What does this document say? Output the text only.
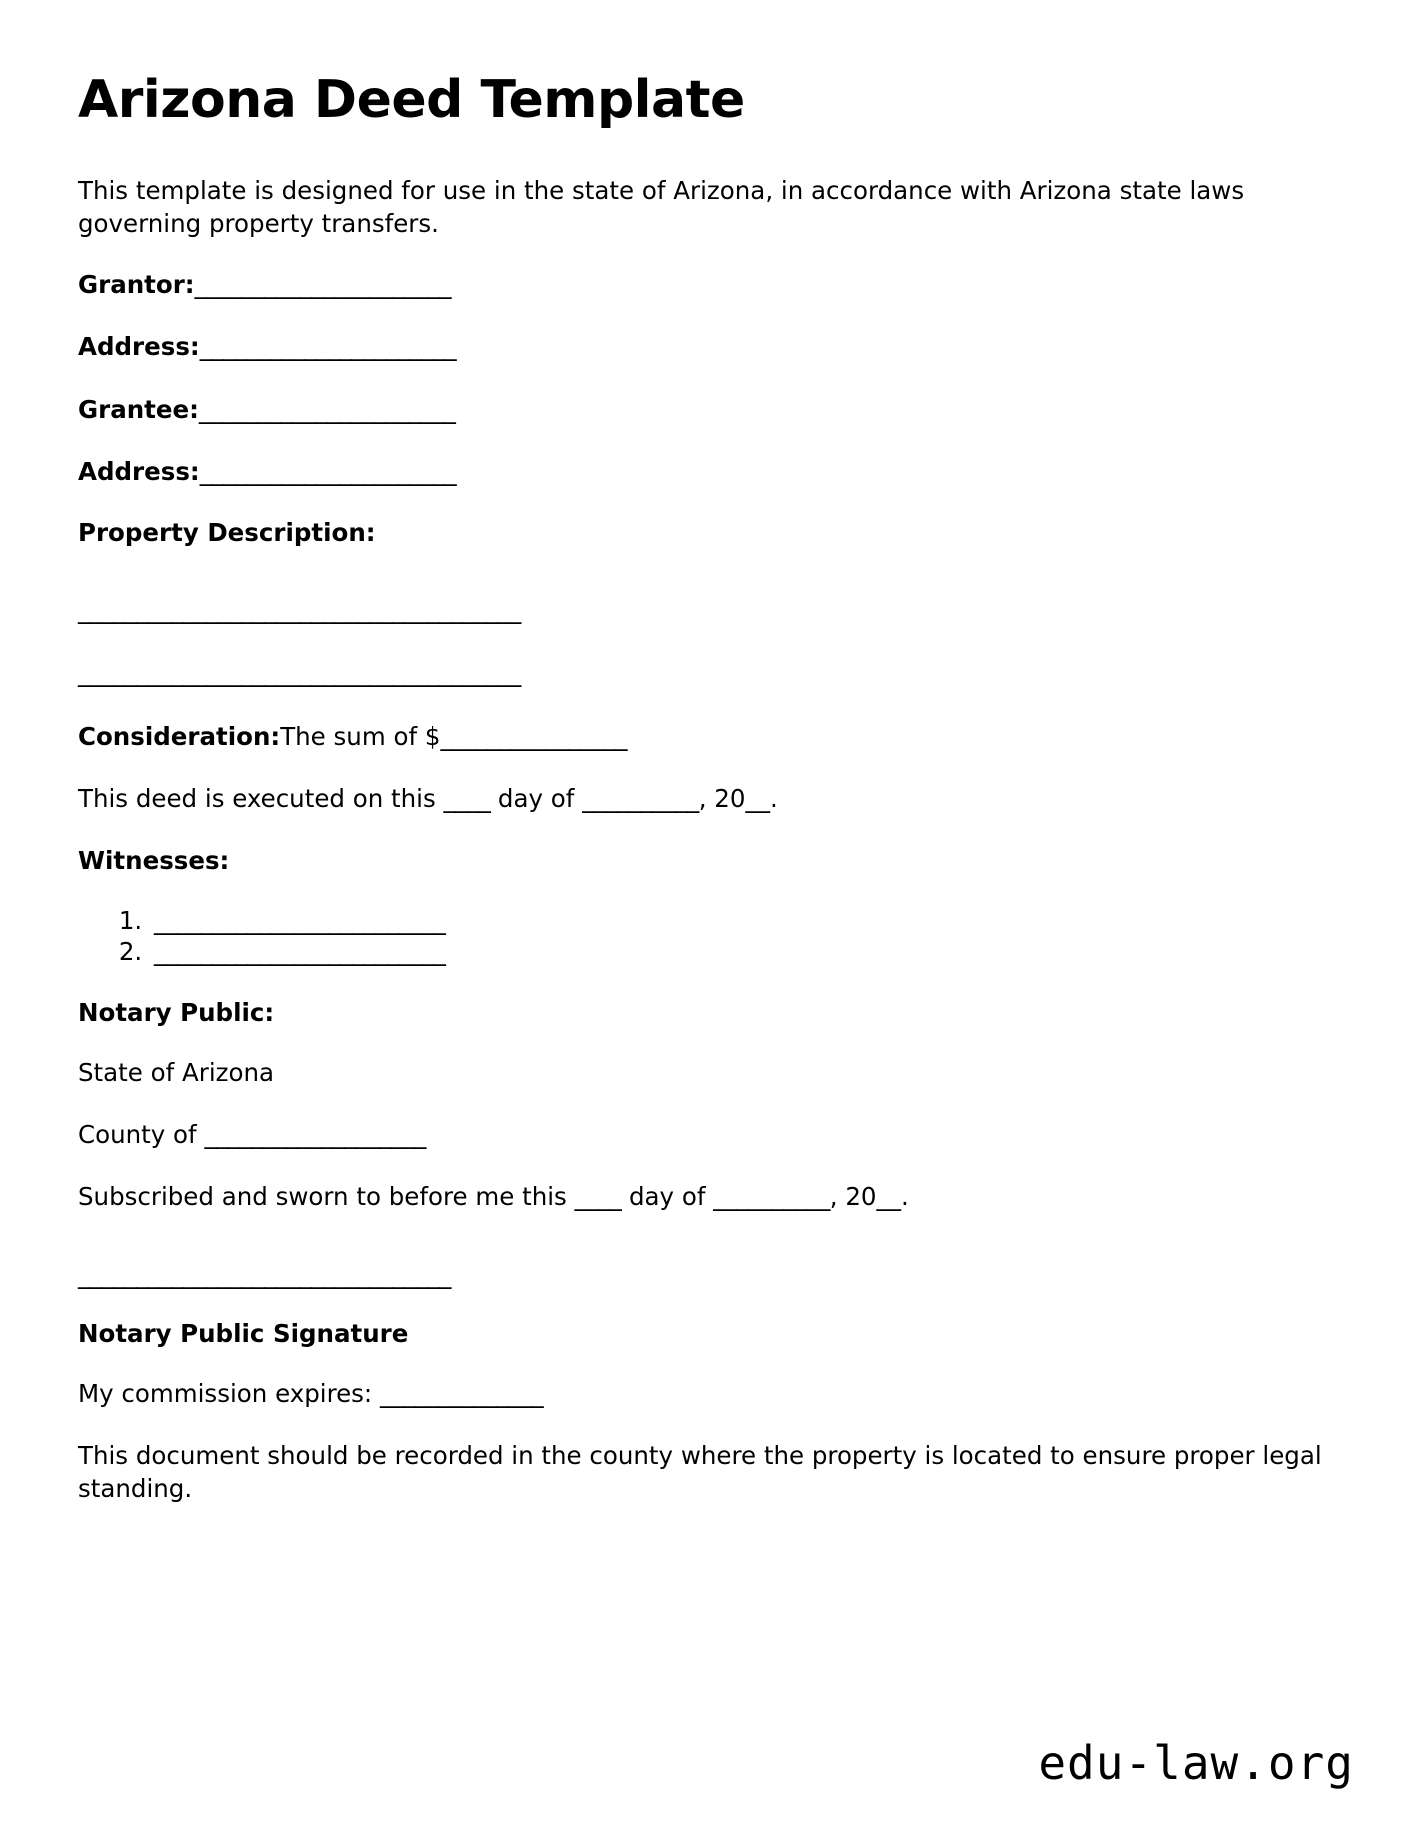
Arizona Deed Template

This template is designed for use in the state of Arizona, in accordance with Arizona state laws governing property transfers.

Grantor:______________________

Address:______________________

Grantee:______________________

Address:______________________

Property Description:

______________________________________

______________________________________

Consideration:The sum of $________________

This deed is executed on this ____ day of __________, 20__.

Witnesses:

1. _________________________
2. _________________________

Notary Public:

State of Arizona

County of ___________________

Subscribed and sworn to before me this ____ day of __________, 20__.

________________________________

Notary Public Signature

My commission expires: ______________

This document should be recorded in the county where the property is located to ensure proper legal standing.

edu-law.org
